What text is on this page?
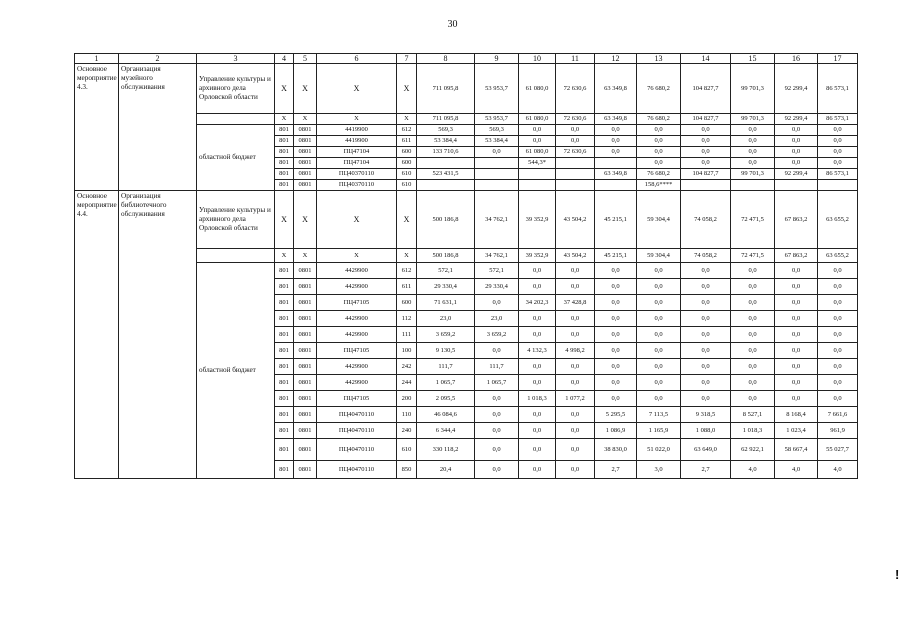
30
1	2	3	4	5	6	7	8	9	10	11	12	13	14	15	16	17
Основное мероприятие 4.3.	Организация музейного обслуживания	Управление культуры и архивного дела Орловской области	X	X	X	X	711 095,8	53 953,7	61 080,0	72 630,6	63 349,8	76 680,2	104 827,7	99 701,3	92 299,4	86 573,1
			X	X	X	X	711 095,8	53 953,7	61 080,0	72 630,6	63 349,8	76 680,2	104 827,7	99 701,3	92 299,4	86 573,1
		областной бюджет	801	0801	4419900	612	569,3	569,3	0,0	0,0	0,0	0,0	0,0	0,0	0,0	0,0
			801	0801	4419900	611	53 384,4	53 384,4	0,0	0,0	0,0	0,0	0,0	0,0	0,0	0,0
			801	0801	ПЦ47104	600	133 710,6	0,0	61 080,0	72 630,6	0,0	0,0	0,0	0,0	0,0	0,0
			801	0801	ПЦ47104	600			544,3*			0,0	0,0	0,0	0,0	0,0
			801	0801	ПЦ40370110	610	523 431,5				63 349,8	76 680,2	104 827,7	99 701,3	92 299,4	86 573,1
			801	0801	ПЦ40370110	610						158,6****				
Основное мероприятие 4.4.	Организация библиотечного обслуживания	Управление культуры и архивного дела Орловской области	X	X	X	X	500 186,8	34 762,1	39 352,9	43 504,2	45 215,1	59 304,4	74 058,2	72 471,5	67 863,2	63 655,2
			X	X	X	X	500 186,8	34 762,1	39 352,9	43 504,2	45 215,1	59 304,4	74 058,2	72 471,5	67 863,2	63 655,2
		областной бюджет	801	0801	4429900	612	572,1	572,1	0,0	0,0	0,0	0,0	0,0	0,0	0,0	0,0
			801	0801	4429900	611	29 330,4	29 330,4	0,0	0,0	0,0	0,0	0,0	0,0	0,0	0,0
			801	0801	ПЦ47105	600	71 631,1	0,0	34 202,3	37 428,8	0,0	0,0	0,0	0,0	0,0	0,0
			801	0801	4429900	112	23,0	23,0	0,0	0,0	0,0	0,0	0,0	0,0	0,0	0,0
			801	0801	4429900	111	3 659,2	3 659,2	0,0	0,0	0,0	0,0	0,0	0,0	0,0	0,0
			801	0801	ПЦ47105	100	9 130,5	0,0	4 132,3	4 998,2	0,0	0,0	0,0	0,0	0,0	0,0
			801	0801	4429900	242	111,7	111,7	0,0	0,0	0,0	0,0	0,0	0,0	0,0	0,0
			801	0801	4429900	244	1 065,7	1 065,7	0,0	0,0	0,0	0,0	0,0	0,0	0,0	0,0
			801	0801	ПЦ47105	200	2 095,5	0,0	1 018,3	1 077,2	0,0	0,0	0,0	0,0	0,0	0,0
			801	0801	ПЦ40470110	110	46 084,6	0,0	0,0	0,0	5 295,5	7 113,5	9 318,5	8 527,1	8 168,4	7 661,6
			801	0801	ПЦ40470110	240	6 344,4	0,0	0,0	0,0	1 086,9	1 165,9	1 088,0	1 018,3	1 023,4	961,9
			801	0801	ПЦ40470110	610	330 118,2	0,0	0,0	0,0	38 830,0	51 022,0	63 649,0	62 922,1	58 667,4	55 027,7
			801	0801	ПЦ40470110	850	20,4	0,0	0,0	0,0	2,7	3,0	2,7	4,0	4,0	4,0
!
